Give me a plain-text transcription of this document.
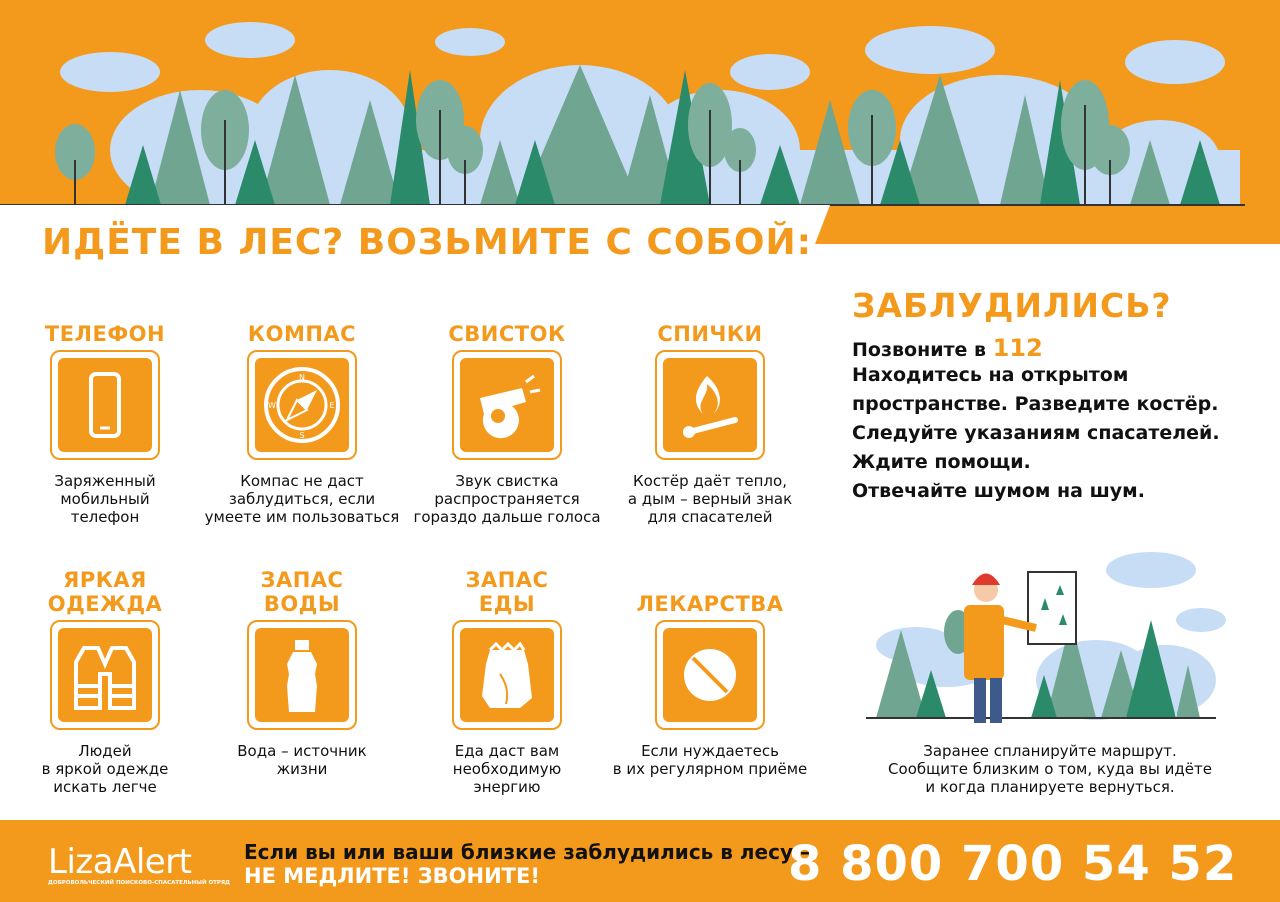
ИДЁТЕ В ЛЕС? ВОЗЬМИТЕ С СОБОЙ:
ТЕЛЕФОН
Заряженный
мобильный
телефон
КОМПАС
N
S
W	E
Компас не даст
заблудиться, если
умеете им пользоваться
СВИСТОК
Звук свистка
распространяется
гораздо дальше голоса
СПИЧКИ
Костёр даёт тепло,
а дым – верный знак
для спасателей
ЯРКАЯ
ОДЕЖДА
Людей
в яркой одежде
искать легче
ЗАПАС
ВОДЫ
Вода – источник
жизни
ЗАПАС
ЕДЫ
Еда даст вам
необходимую
энергию
ЛЕКАРСТВА
Если нуждаетесь
в их регулярном приёме
ЗАБЛУДИЛИСЬ?
Позвоните в 112
Находитесь на открытом
пространстве. Разведите костёр.
Следуйте указаниям спасателей.
Ждите помощи.
Отвечайте шумом на шум.
Заранее спланируйте маршрут.
Сообщите близким о том, куда вы идёте
и когда планируете вернуться.
LizaAlert
ДОБРОВОЛЬЧЕСКИЙ ПОИСКОВО-СПАСАТЕЛЬНЫЙ ОТРЯД
Если вы или ваши близкие заблудились в лесу –
НЕ МЕДЛИТЕ! ЗВОНИТЕ!	8 800 700 54 52
